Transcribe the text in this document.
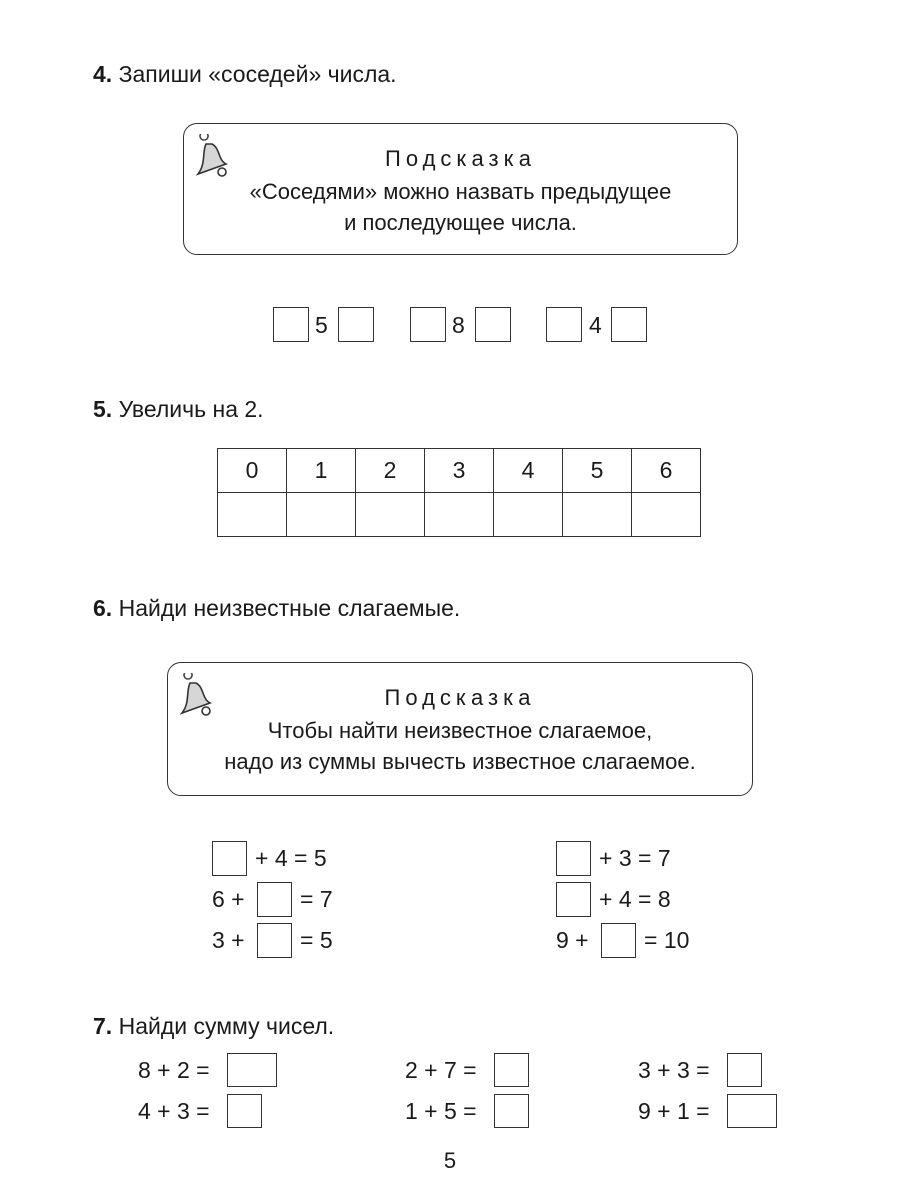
4. Запиши «соседей» числа.
Подсказка
«Соседями» можно назвать предыдущее
и последующее числа.
5	8	4
5. Увеличь на 2.
0	1	2	3	4	5	6

6. Найди неизвестные слагаемые.
Подсказка
Чтобы найти неизвестное слагаемое,
надо из суммы вычесть известное слагаемое.
+ 4 = 5
6 + = 7
3 + = 5
+ 3 = 7
+ 4 = 8
9 + = 10
7. Найди сумму чисел.
8 + 2 =
4 + 3 =
2 + 7 =
1 + 5 =
3 + 3 =
9 + 1 =
5
